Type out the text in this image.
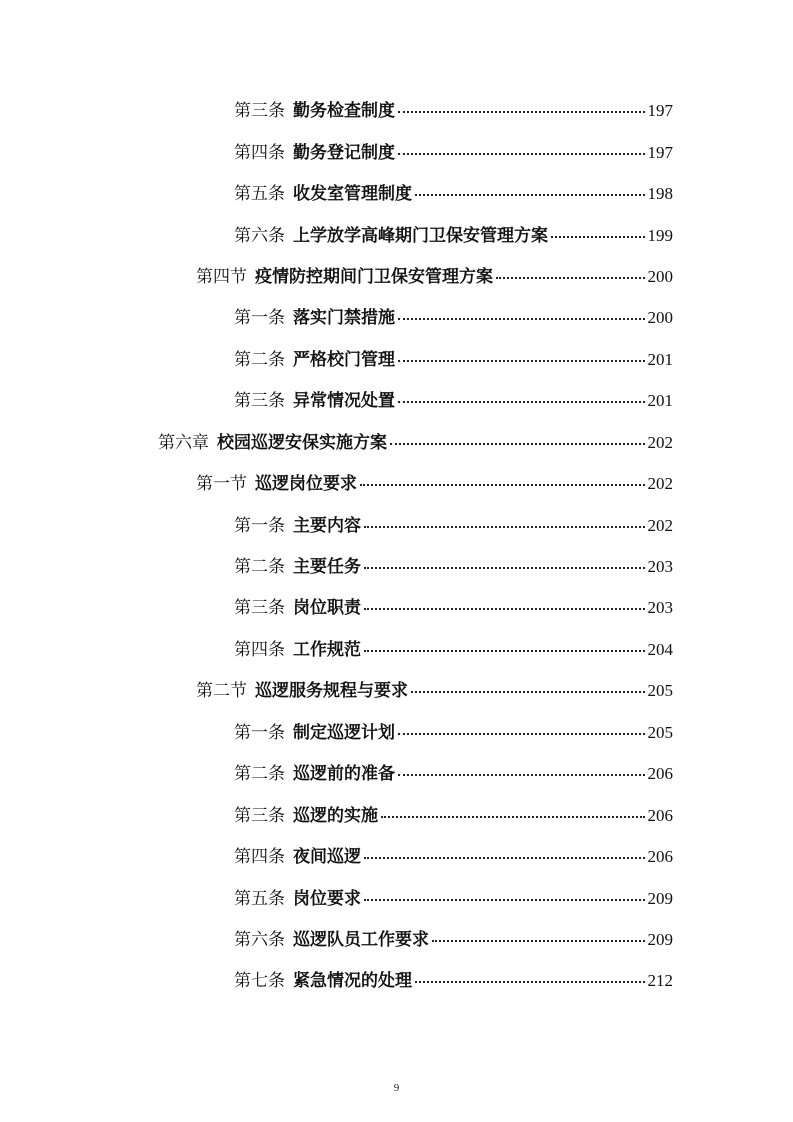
第三条 勤务检查制度	197
第四条 勤务登记制度	197
第五条 收发室管理制度	198
第六条 上学放学高峰期门卫保安管理方案	199
第四节 疫情防控期间门卫保安管理方案	200
第一条 落实门禁措施	200
第二条 严格校门管理	201
第三条 异常情况处置	201
第六章 校园巡逻安保实施方案	202
第一节 巡逻岗位要求	202
第一条 主要内容	202
第二条 主要任务	203
第三条 岗位职责	203
第四条 工作规范	204
第二节 巡逻服务规程与要求	205
第一条 制定巡逻计划	205
第二条 巡逻前的准备	206
第三条 巡逻的实施	206
第四条 夜间巡逻	206
第五条 岗位要求	209
第六条 巡逻队员工作要求	209
第七条 紧急情况的处理	212
9
